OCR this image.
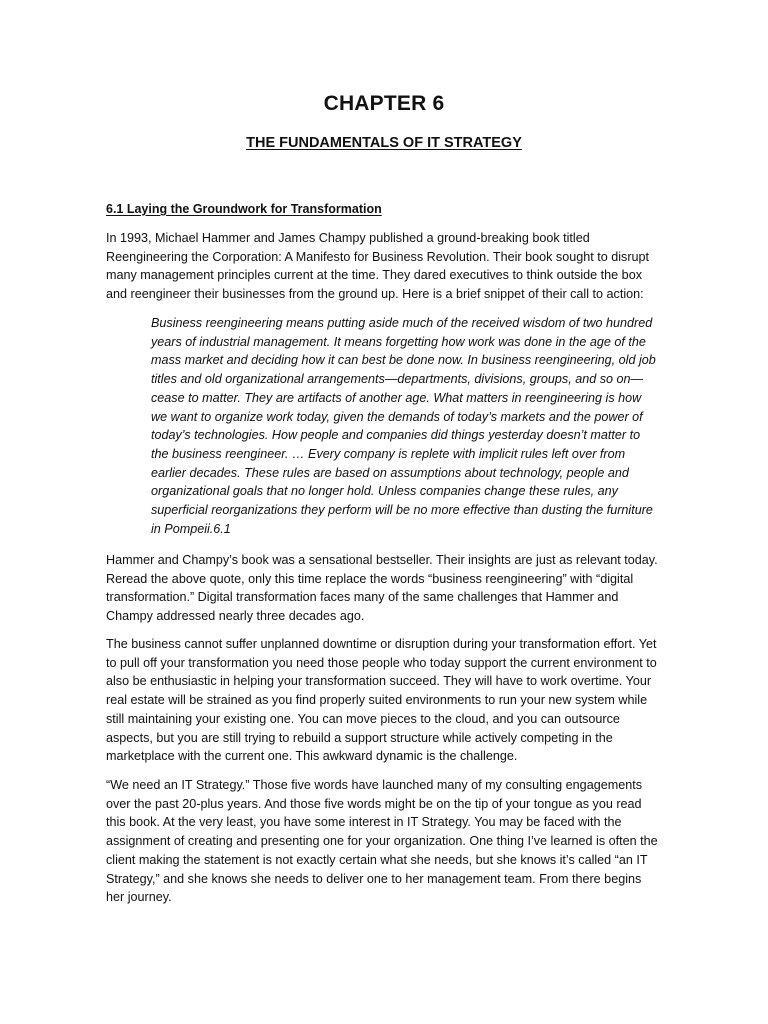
CHAPTER 6
THE FUNDAMENTALS OF IT STRATEGY
6.1 Laying the Groundwork for Transformation

In 1993, Michael Hammer and James Champy published a ground-breaking book titled Reengineering the Corporation: A Manifesto for Business Revolution. Their book sought to disrupt many management principles current at the time. They dared executives to think outside the box and reengineer their businesses from the ground up. Here is a brief snippet of their call to action:

Business reengineering means putting aside much of the received wisdom of two hundred years of industrial management. It means forgetting how work was done in the age of the mass market and deciding how it can best be done now. In business reengineering, old job titles and old organizational arrangements—departments, divisions, groups, and so on—cease to matter. They are artifacts of another age. What matters in reengineering is how we want to organize work today, given the demands of today’s markets and the power of today’s technologies. How people and companies did things yesterday doesn’t matter to the business reengineer. … Every company is replete with implicit rules left over from earlier decades. These rules are based on assumptions about technology, people and organizational goals that no longer hold. Unless companies change these rules, any superficial reorganizations they perform will be no more effective than dusting the furniture in Pompeii.6.1

Hammer and Champy’s book was a sensational bestseller. Their insights are just as relevant today. Reread the above quote, only this time replace the words “business reengineering” with “digital transformation.” Digital transformation faces many of the same challenges that Hammer and Champy addressed nearly three decades ago.

The business cannot suffer unplanned downtime or disruption during your transformation effort. Yet to pull off your transformation you need those people who today support the current environment to also be enthusiastic in helping your transformation succeed. They will have to work overtime. Your real estate will be strained as you find properly suited environments to run your new system while still maintaining your existing one. You can move pieces to the cloud, and you can outsource aspects, but you are still trying to rebuild a support structure while actively competing in the marketplace with the current one. This awkward dynamic is the challenge.

“We need an IT Strategy.” Those five words have launched many of my consulting engagements over the past 20-plus years. And those five words might be on the tip of your tongue as you read this book. At the very least, you have some interest in IT Strategy. You may be faced with the assignment of creating and presenting one for your organization. One thing I’ve learned is often the client making the statement is not exactly certain what she needs, but she knows it’s called “an IT Strategy,” and she knows she needs to deliver one to her management team. From there begins her journey.
